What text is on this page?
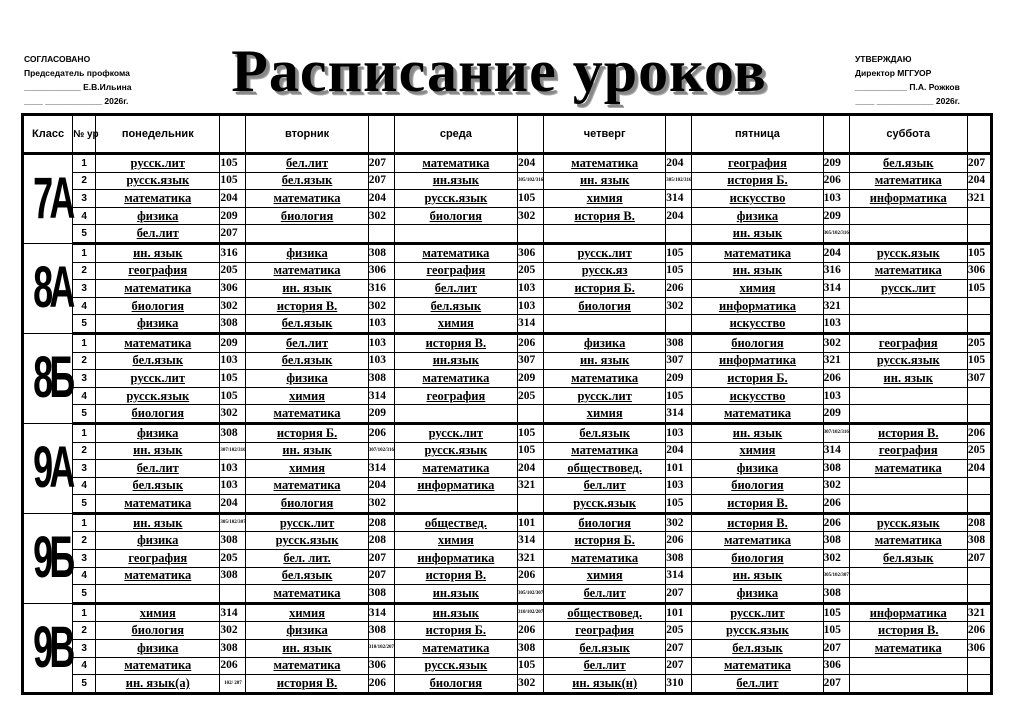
СОГЛАСОВАНО
Председатель профкома
____________ Е.В.Ильина
____ ____________ 2026г.	Расписание уроков	УТВЕРЖДАЮ
Директор МГГУОР
___________ П.А. Рожков
____ ____________ 2026г.
Класс	№ ур	понедельник		вторник		среда		четверг		пятница		суббота	

7А	1	русск.лит	105	бел.лит	207	математика	204	математика	204	география	209	бел.язык	207
	2	русск.язык	105	бел.язык	207	ин.язык	305/102/316	ин. язык	305/102/316	история Б.	206	математика	204
	3	математика	204	математика	204	русск.язык	105	химия	314	искусство	103	информатика	321
	4	физика	209	биология	302	биология	302	история В.	204	физика	209		
	5	бел.лит	207							ин. язык	305/102/316		

8А	1	ин. язык	316	физика	308	математика	306	русск.лит	105	математика	204	русск.язык	105
	2	география	205	математика	306	география	205	русск.яз	105	ин. язык	316	математика	306
	3	математика	306	ин. язык	316	бел.лит	103	история Б.	206	химия	314	русск.лит	105
	4	биология	302	история В.	302	бел.язык	103	биология	302	информатика	321		
	5	физика	308	бел.язык	103	химия	314			искусство	103		

8Б	1	математика	209	бел.лит	103	история В.	206	физика	308	биология	302	география	205
	2	бел.язык	103	бел.язык	103	ин.язык	307	ин. язык	307	информатика	321	русск.язык	105
	3	русск.лит	105	физика	308	математика	209	математика	209	история Б.	206	ин. язык	307
	4	русск.язык	105	химия	314	география	205	русск.лит	105	искусство	103		
	5	биология	302	математика	209			химия	314	математика	209		

9А	1	физика	308	история Б.	206	русск.лит	105	бел.язык	103	ин. язык	307/102/316	история В.	206
	2	ин. язык	307/102/316	ин. язык	307/102/316	русск.язык	105	математика	204	химия	314	география	205
	3	бел.лит	103	химия	314	математика	204	обществовед.	101	физика	308	математика	204
	4	бел.язык	103	математика	204	информатика	321	бел.лит	103	биология	302		
	5	математика	204	биология	302			русск.язык	105	история В.	206		

9Б	1	ин. язык	305/102/307	русск.лит	208	обществед.	101	биология	302	история В.	206	русск.язык	208
	2	физика	308	русск.язык	208	химия	314	история Б.	206	математика	308	математика	308
	3	география	205	бел. лит.	207	информатика	321	математика	308	биология	302	бел.язык	207
	4	математика	308	бел.язык	207	история В.	206	химия	314	ин. язык	305/102/307		
	5			математика	308	ин.язык	305/102/307	бел.лит	207	физика	308		

9В	1	химия	314	химия	314	ин.язык	310/102/207	обществовед.	101	русск.лит	105	информатика	321
	2	биология	302	физика	308	история Б.	206	география	205	русск.язык	105	история В.	206
	3	физика	308	ин. язык	310/102/207	математика	308	бел.язык	207	бел.язык	207	математика	306
	4	математика	206	математика	306	русск.язык	105	бел.лит	207	математика	306		
	5	ин. язык(а)	102/ 207	история В.	206	биология	302	ин. язык(н)	310	бел.лит	207		
